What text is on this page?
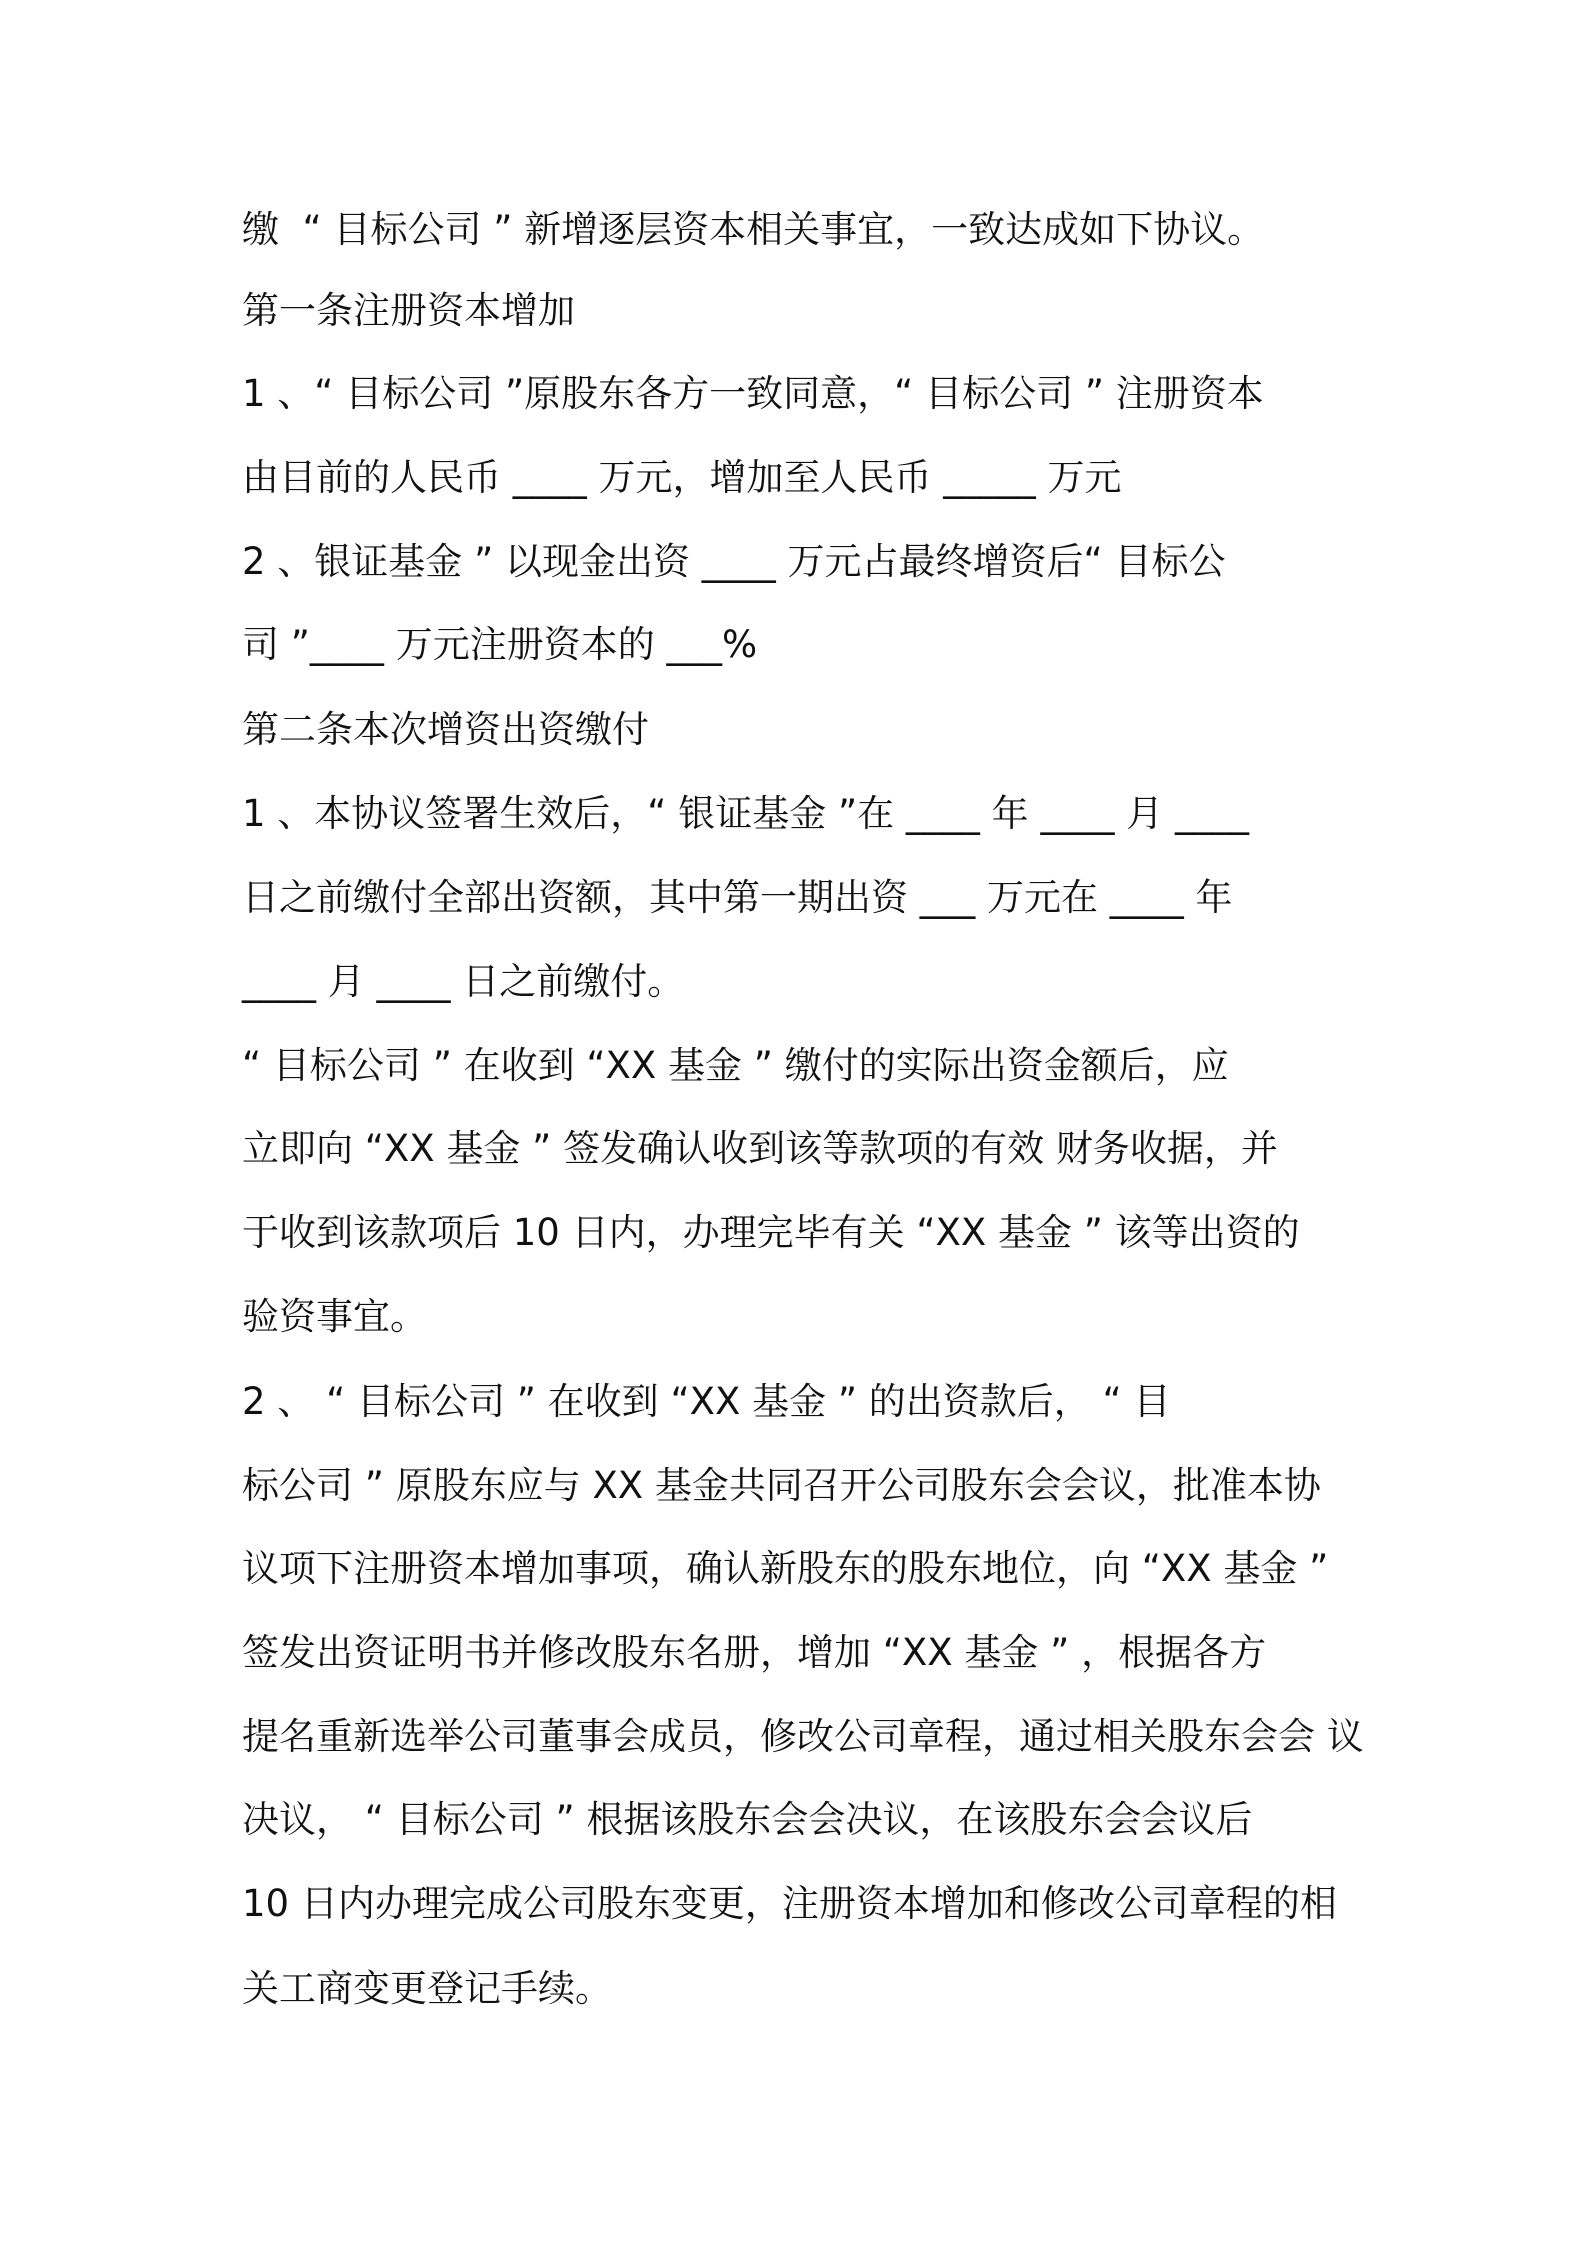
缴  “ 目标公司 ” 新增逐层资本相关事宜，一致达成如下协议。
第一条注册资本增加
1 、“ 目标公司 ”原股东各方一致同意，“ 目标公司 ” 注册资本
由目前的人民币 ____ 万元，增加至人民币 _____ 万元
2 、银证基金 ” 以现金出资 ____ 万元占最终增资后“ 目标公
司 ”____ 万元注册资本的 ___%
第二条本次增资出资缴付
1 、本协议签署生效后，“ 银证基金 ”在 ____ 年 ____ 月 ____
日之前缴付全部出资额，其中第一期出资 ___ 万元在 ____ 年
____ 月 ____ 日之前缴付。
“ 目标公司 ” 在收到 “XX 基金 ” 缴付的实际出资金额后，应
立即向 “XX 基金 ” 签发确认收到该等款项的有效 财务收据，并
于收到该款项后 10 日内，办理完毕有关 “XX 基金 ” 该等出资的
验资事宜。
2 、 “ 目标公司 ” 在收到 “XX 基金 ” 的出资款后， “ 目
标公司 ” 原股东应与 XX 基金共同召开公司股东会会议，批准本协
议项下注册资本增加事项，确认新股东的股东地位，向 “XX 基金 ”
签发出资证明书并修改股东名册，增加 “XX 基金 ” ，根据各方
提名重新选举公司董事会成员，修改公司章程，通过相关股东会会 议
决议， “ 目标公司 ” 根据该股东会会决议，在该股东会会议后
10 日内办理完成公司股东变更，注册资本增加和修改公司章程的相
关工商变更登记手续。
